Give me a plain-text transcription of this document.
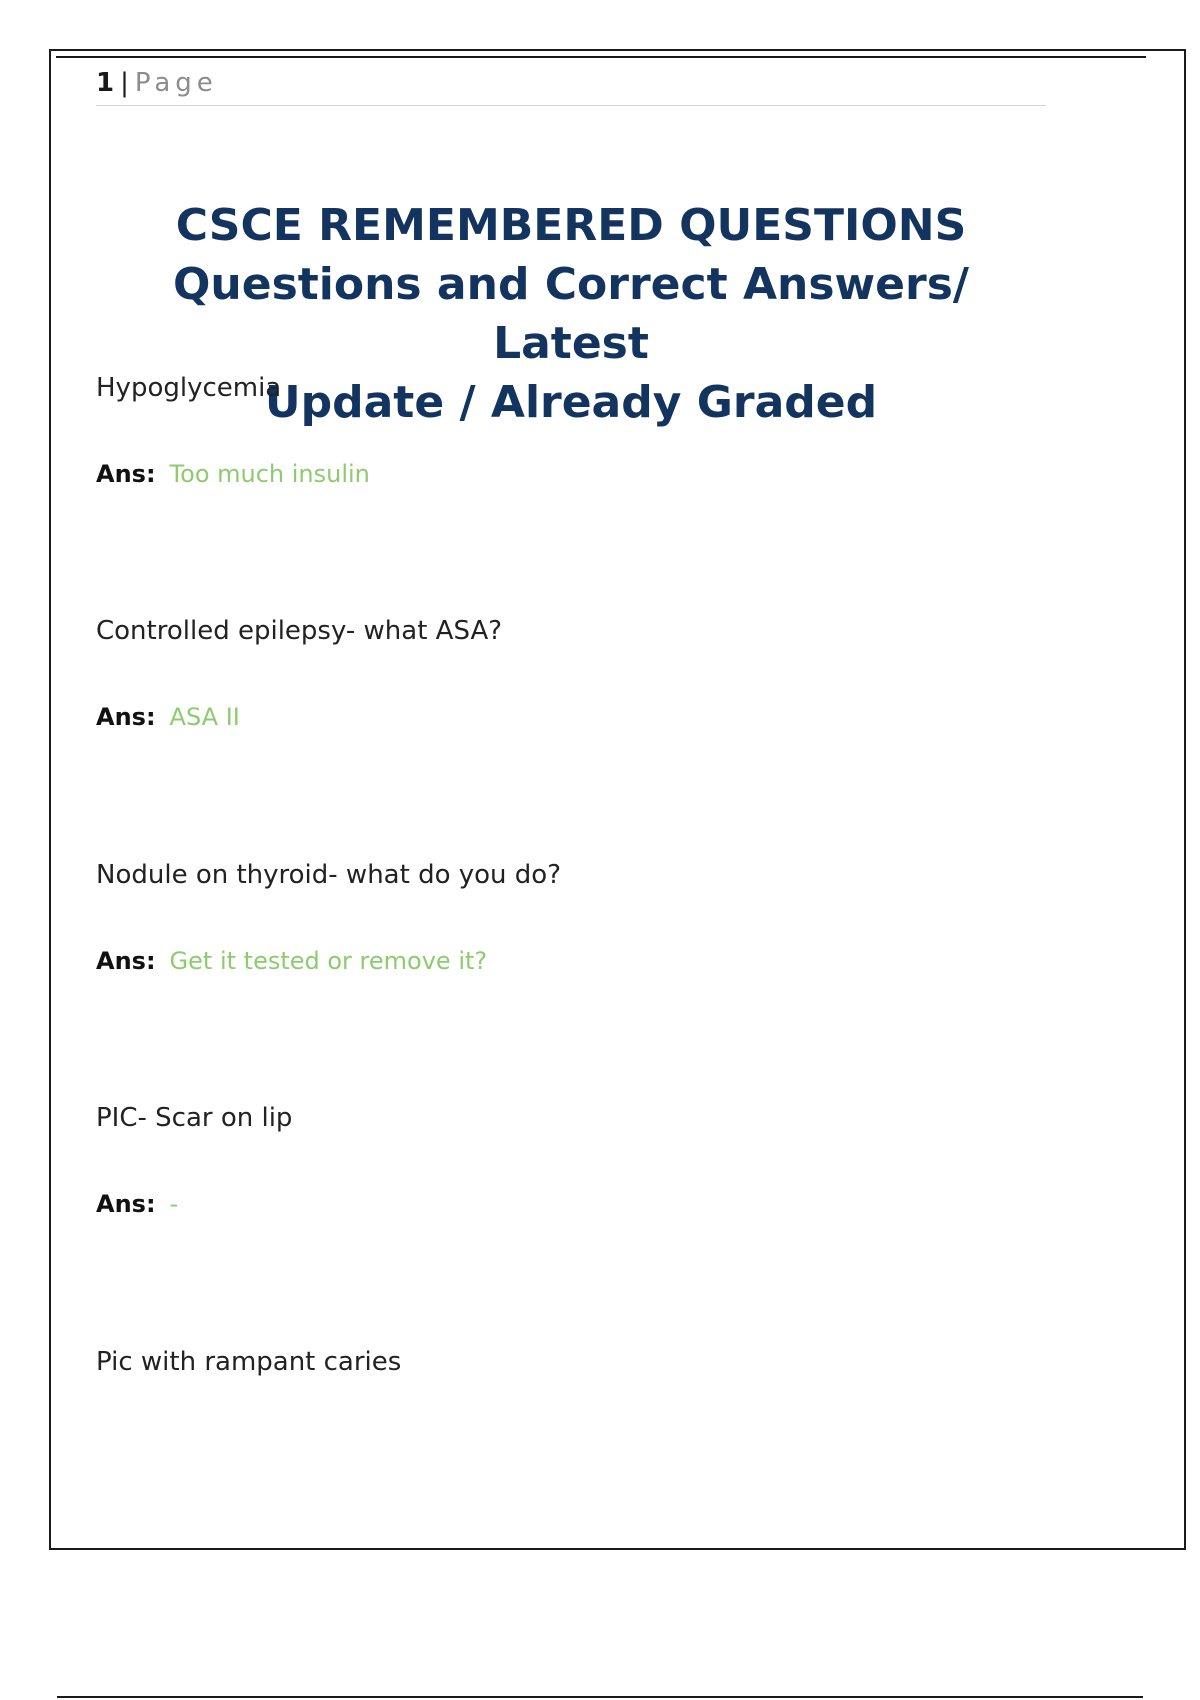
1 | Page
CSCE REMEMBERED QUESTIONS
Questions and Correct Answers/ Latest
Update / Already Graded
Hypoglycemia
Ans: Too much insulin
Controlled epilepsy- what ASA?
Ans: ASA II
Nodule on thyroid- what do you do?
Ans: Get it tested or remove it?
PIC- Scar on lip
Ans: -
Pic with rampant caries
